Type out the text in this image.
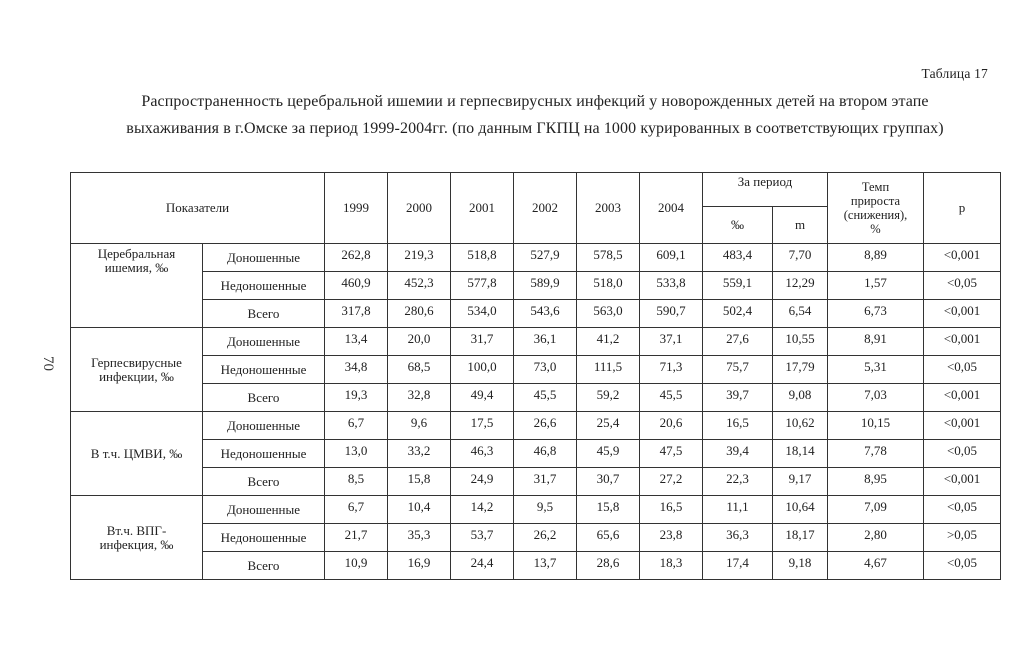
Таблица 17
Распространенность церебральной ишемии и герпесвирусных инфекций у новорожденных детей на втором этапе
выхаживания в г.Омске за период 1999-2004гг. (по данным ГКПЦ на 1000 курированных в соответствующих группах)
70
Показатели		1999	2000	2001	2002	2003	2004	За период		Темп
прироста
(снижения),
%	р
								‰	m		

Церебральная
ишемия, ‰	Доношенные	262,8	219,3	518,8	527,9	578,5	609,1	483,4	7,70	8,89	<0,001
	Недоношенные	460,9	452,3	577,8	589,9	518,0	533,8	559,1	12,29	1,57	<0,05
	Всего	317,8	280,6	534,0	543,6	563,0	590,7	502,4	6,54	6,73	<0,001

Герпесвирусные
инфекции, ‰	Доношенные	13,4	20,0	31,7	36,1	41,2	37,1	27,6	10,55	8,91	<0,001
	Недоношенные	34,8	68,5	100,0	73,0	111,5	71,3	75,7	17,79	5,31	<0,05
	Всего	19,3	32,8	49,4	45,5	59,2	45,5	39,7	9,08	7,03	<0,001

В т.ч. ЦМВИ, ‰	Доношенные	6,7	9,6	17,5	26,6	25,4	20,6	16,5	10,62	10,15	<0,001
	Недоношенные	13,0	33,2	46,3	46,8	45,9	47,5	39,4	18,14	7,78	<0,05
	Всего	8,5	15,8	24,9	31,7	30,7	27,2	22,3	9,17	8,95	<0,001

Вт.ч. ВПГ-
инфекция, ‰	Доношенные	6,7	10,4	14,2	9,5	15,8	16,5	11,1	10,64	7,09	<0,05
	Недоношенные	21,7	35,3	53,7	26,2	65,6	23,8	36,3	18,17	2,80	>0,05
	Всего	10,9	16,9	24,4	13,7	28,6	18,3	17,4	9,18	4,67	<0,05
